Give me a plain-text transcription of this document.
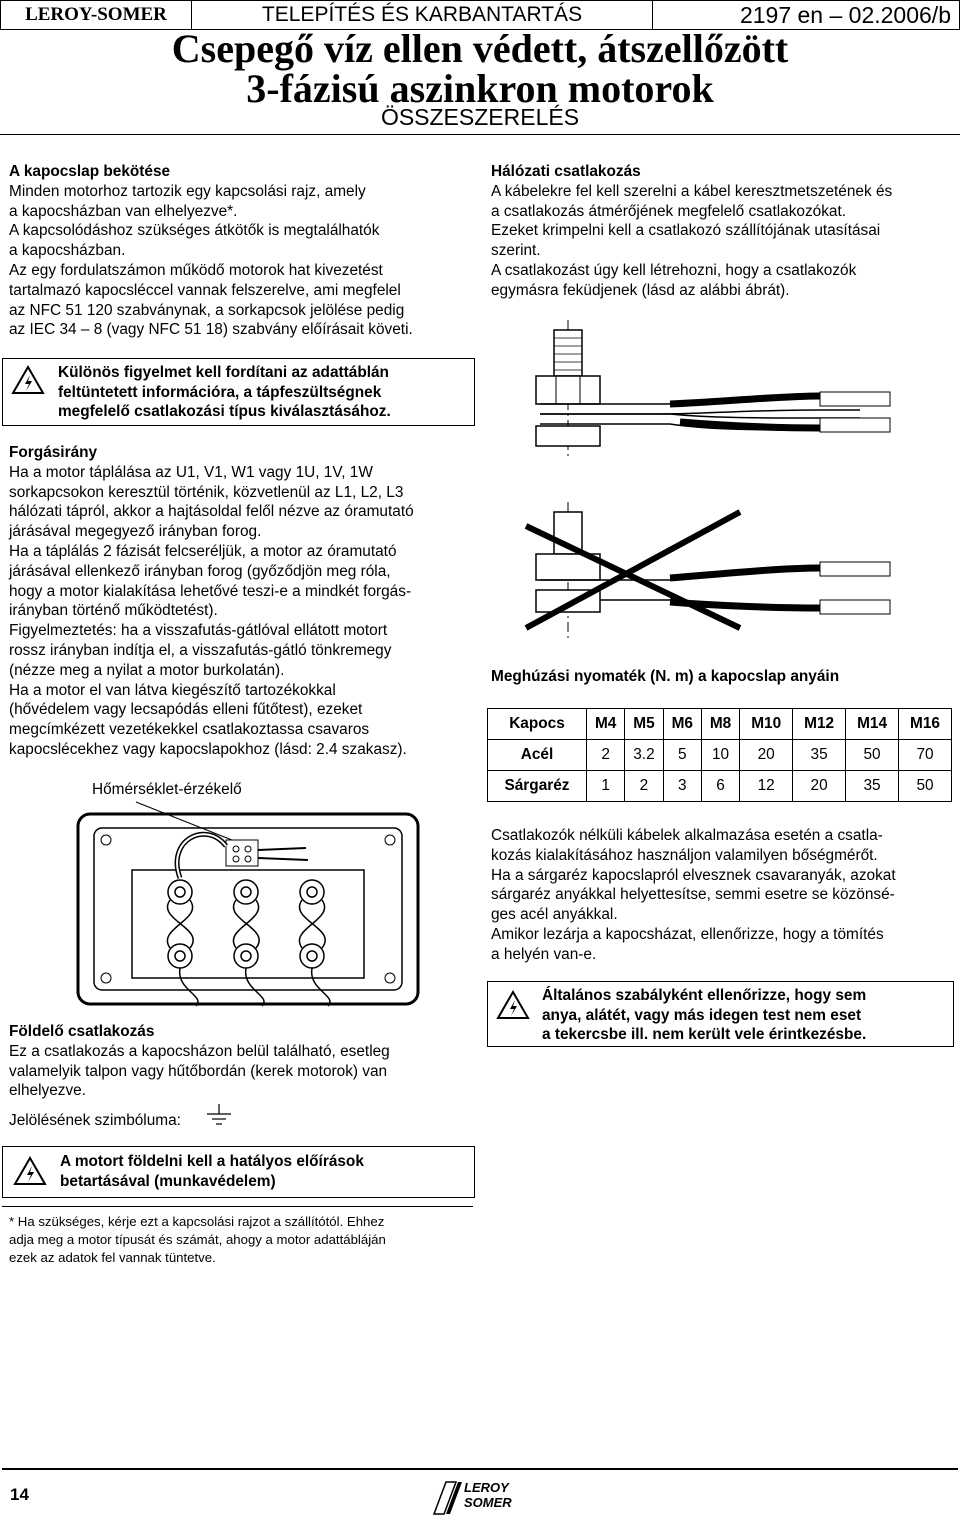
LEROY-SOMER	TELEPÍTÉS ÉS KARBANTARTÁS	2197 en – 02.2006/b
Csepegő víz ellen védett, átszellőzött
3-fázisú aszinkron motorok
ÖSSZESZERELÉS
A kapocslap bekötése
Minden motorhoz tartozik egy kapcsolási rajz, amely
a kapocsházban van elhelyezve*.
A kapcsolódáshoz szükséges átkötők is megtalálhatók
a kapocsházban.
Az egy fordulatszámon működő motorok hat kivezetést
tartalmazó kapocsléccel vannak felszerelve, ami megfelel
az NFC 51 120 szabványnak, a sorkapcsok jelölése pedig
az IEC 34 – 8 (vagy NFC 51 18) szabvány előírásait követi.
Különös figyelmet kell fordítani az adattáblán
feltüntetett információra, a tápfeszültségnek
megfelelő csatlakozási típus kiválasztásához.
Forgásirány
Ha a motor táplálása az U1, V1, W1 vagy 1U, 1V, 1W
sorkapcsokon keresztül történik, közvetlenül az L1, L2, L3
hálózati tápról, akkor a hajtásoldal felől nézve az óramutató
járásával megegyező irányban forog.
Ha a táplálás 2 fázisát felcseréljük, a motor az óramutató
járásával ellenkező irányban forog (győződjön meg róla,
hogy a motor kialakítása lehetővé teszi-e a mindkét forgás-
irányban történő működtetést).
Figyelmeztetés: ha a visszafutás-gátlóval ellátott motort
rossz irányban indítja el, a visszafutás-gátló tönkremegy
(nézze meg a nyilat a motor burkolatán).
Ha a motor el van látva kiegészítő tartozékokkal
(hővédelem vagy lecsapódás elleni fűtőtest), ezeket
megcímkézett vezetékekkel csatlakoztassa csavaros
kapocslécekhez vagy kapocslapokhoz (lásd: 2.4 szakasz).
Hőmérséklet-érzékelő
Földelő csatlakozás
Ez a csatlakozás a kapocsházon belül található, esetleg
valamelyik talpon vagy hűtőbordán (kerek motorok) van
elhelyezve.
Jelölésének szimbóluma:
A motort földelni kell a hatályos előírások
betartásával (munkavédelem)
* Ha szükséges, kérje ezt a kapcsolási rajzot a szállítótól. Ehhez
adja meg a motor típusát és számát, ahogy a motor adattábláján
ezek az adatok fel vannak tüntetve.
Hálózati csatlakozás
A kábelekre fel kell szerelni a kábel keresztmetszetének és
a csatlakozás átmérőjének megfelelő csatlakozókat.
Ezeket krimpelni kell a csatlakozó szállítójának utasításai
szerint.
A csatlakozást úgy kell létrehozni, hogy a csatlakozók
egymásra feküdjenek (lásd az alábbi ábrát).
Meghúzási nyomaték (N. m) a kapocslap anyáin
Kapocs	M4	M5	M6	M8	M10	M12	M14	M16
Acél	2	3.2	5	10	20	35	50	70
Sárgaréz	1	2	3	6	12	20	35	50
Csatlakozók nélküli kábelek alkalmazása esetén a csatla-
kozás kialakításához használjon valamilyen bőségmérőt.
Ha a sárgaréz kapocslapról elvesznek csavaranyák, azokat
sárgaréz anyákkal helyettesítse, semmi esetre se közönsé-
ges acél anyákkal.
Amikor lezárja a kapocsházat, ellenőrizze, hogy a tömítés
a helyén van-e.
Általános szabályként ellenőrizze, hogy sem
anya, alátét, vagy más idegen test nem eset
a tekercsbe ill. nem került vele érintkezésbe.
14	LEROY
SOMER
